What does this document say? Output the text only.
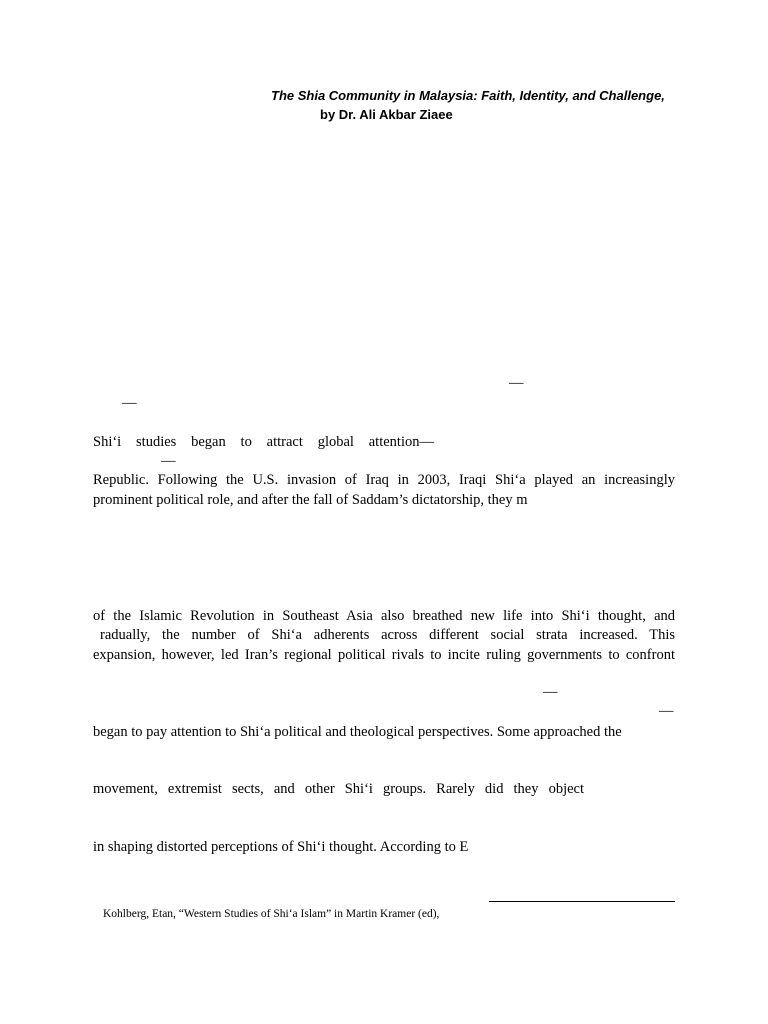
The Shia Community in Malaysia: Faith, Identity, and Challenge,
by Dr. Ali Akbar Ziaee
—
—
Shiʻi studies began to attract global attention—
—
Republic. Following the U.S. invasion of Iraq in 2003, Iraqi Shiʻa played an increasingly
prominent political role, and after the fall of Saddam’s dictatorship, they m
of the Islamic Revolution in Southeast Asia also breathed new life into Shiʻi thought, and
radually, the number of Shiʻa adherents across different social strata increased. This
expansion, however, led Iran’s regional political rivals to incite ruling governments to confront
—
—
began to pay attention to Shiʻa political and theological perspectives. Some approached the
movement, extremist sects, and other Shiʻi groups. Rarely did they object
in shaping distorted perceptions of Shiʻi thought. According to E
Kohlberg, Etan, “Western Studies of Shiʻa Islam” in Martin Kramer (ed),
